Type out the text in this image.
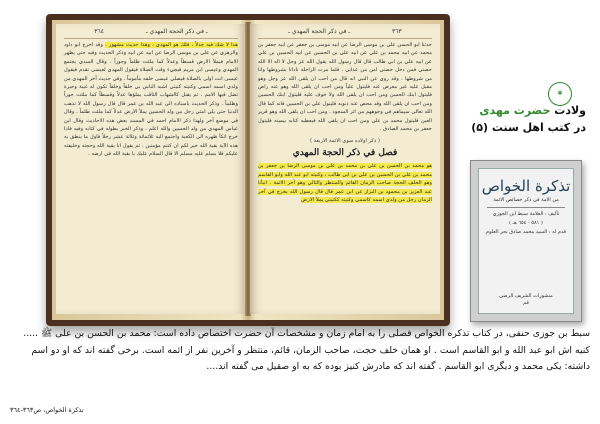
٣٦٤	ـ في ذكر الحجة المهدي ـ
هذا لا شك فيه جدلاً ، فلك هو المهدي ، وهذا حديث مشهور . وقد اخرج ابو داود والزهري عن علي بن موسى الرضا عن ابيه عن ابيه وذكر الحديث وفيه حتى يظهر الامام فيملأ الارض قسطاً وعدلاً كما ملئت ظلماً وجوراً . وقال السدي يجتمع المهدي وعيسى ابن مريم فيجيء وقت الصلاة فيقول المهدي لعيسى تقدم فيقول عيسى انت اولى بالصلاة فيصلي عيسى خلفه مأموماً . وفي حديث آخر المهدي من ولدي اسمه اسمي وكنيته كنيتي اشبه الناس بي خلقاً وخلقاً تكون له غيبة وحيرة تضل فيها الامم . ثم يقبل كالشهاب الثاقب يملؤها عدلاً وقسطاً كما ملئت جوراً وظلماً . وذكر الحديث باسناده الى عبد الله بن عمر قال قال رسول الله لا تذهب الدنيا حتى يلي امتي رجل من ولد الحسين يملأ الارض عدلاً كما ملئت ظلماً . وقال في موضع آخر ولهذا ذكر الامام احمد في المسند بعض هذه الاحاديث وقال ابن عباس المهدي من ولد الحسين والله اعلم . وذكر الخبر بطوله في كتابه وفيه فاذا خرج اتكأ ظهره الى الكعبة واجتمع اليه ثلاثمائة وثلاثة عشر رجلاً فاول ما ينطق به هذه الآية بقية الله خير لكم ان كنتم مؤمنين . ثم يقول انا بقية الله وحجته وخليفته عليكم فلا يسلم عليه مسلم الا قال السلام عليك يا بقية الله في ارضه .
ـ في ذكر الحجة المهدي ـ	٣٦٣
حدثنا ابو الحسن علي بن موسى الرضا عن ابيه موسى بن جعفر عن ابيه جعفر بن محمد عن ابيه محمد بن علي عن ابيه علي بن الحسين عن ابيه الحسين بن علي عن ابيه علي بن ابي طالب قال قال رسول الله يقول الله عز وجل لا اله الا الله حصني فمن دخل حصني امن من عذابي . فلما مرت الراحلة نادانا بشروطها وانا من شروطها . وقد روي عن النبي انه قال من احب ان يلقى الله عز وجل وهو مقبل عليه غير معرض عنه فليتول علياً ومن احب ان يلقى الله وهو عنه راض فليتول ابنك الحسن ومن احب ان يلقى الله ولا خوف عليه فليتول ابنك الحسين ومن احب ان يلقى الله وقد محص عنه ذنوبه فليتول علي بن الحسين فانه كما قال الله تعالى سيماهم في وجوههم من اثر السجود . ومن احب ان يلقى الله وهو قرير العين فليتول محمد بن علي ومن احب ان يلقى الله فيعطيه كتابه بيمينه فليتول جعفر بن محمد الصادق .
( ذكر اولاده سوى الائمة الاربعة )
فصل في ذكر الحجة المهدي
هو محمد بن الحسن بن علي بن محمد بن علي بن موسى الرضا بن جعفر بن محمد بن علي بن الحسين بن علي بن ابي طالب ، وكنيته ابو عبد الله وابو القاسم وهو الخلف الحجة صاحب الزمان القائم والمنتظر والتالي وهو آخر الائمة . انبأنا عبد العزيز بن محمود بن البزاز عن ابن عمر قال قال رسول الله يخرج في آخر الزمان رجل من ولدي اسمه كاسمي وكنيته ككنيتي يملأ الارض
✶
ولادت حضرت مهدی
در کتب اهل سنت (۵)
تذكرة الخواص
من الامة في ذكر خصائص الائمة
تأليف : العلامة سبط ابن الجوزي
( ٥٨١ - ٦٥٤ هـ )
قدم له : السيد محمد صادق بحر العلوم
منشورات الشريف الرضي
قم
سبط بن جوزی حنفی، در کتاب تذکره الخواص فصلی را به امام زمان و مشخصات آن حضرت اختصاص داده است: محمد بن الحسن بن علی ﷺ ..... کنیه اش ابو عبد الله و ابو القاسم است . او همان خلف حجت، صاحب الزمان، قائم، منتظر و آخرین نفر از ائمه است. برخی گفته اند که او دو اسم داشته: یکی محمد و دیگری ابو القاسم . گفته اند که مادرش کنیز بوده که به او صقیل می گفته اند....
تذکرة الخواص، ص٣٦٣-٣٦٤
